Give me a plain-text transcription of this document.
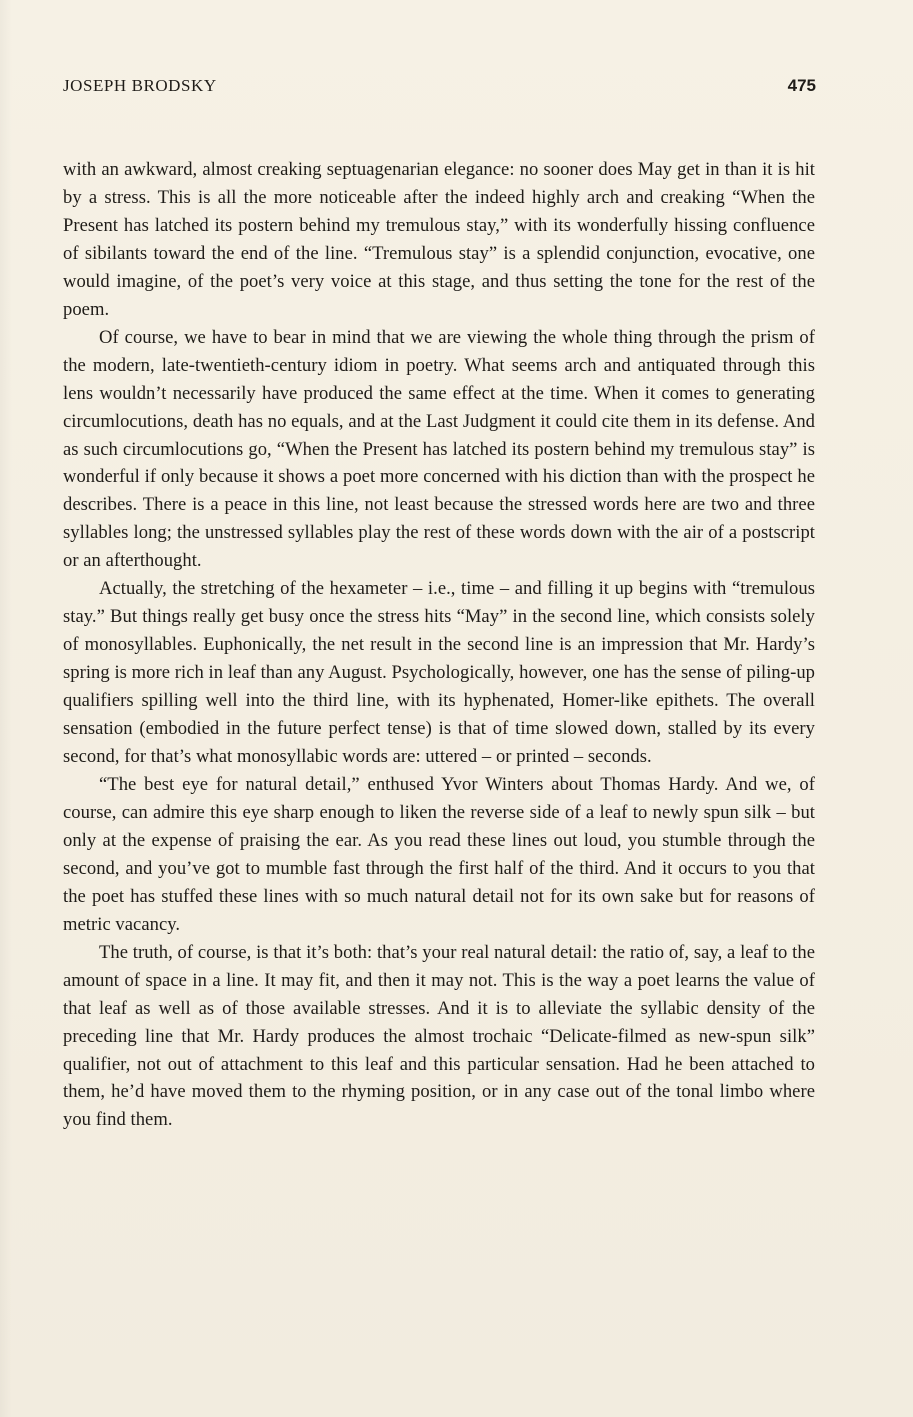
JOSEPH BRODSKY	475

with an awkward, almost creaking septuagenarian elegance: no sooner does May get in than it is hit by a stress. This is all the more noticeable after the indeed highly arch and creaking “When the Present has latched its postern behind my tremulous stay,” with its wonderfully hissing confluence of sibilants toward the end of the line. “Tremulous stay” is a splendid conjunction, evocative, one would imagine, of the poet’s very voice at this stage, and thus setting the tone for the rest of the poem.

Of course, we have to bear in mind that we are viewing the whole thing through the prism of the modern, late-twentieth-century idiom in poetry. What seems arch and antiquated through this lens wouldn’t necessarily have produced the same effect at the time. When it comes to generating circumlocutions, death has no equals, and at the Last Judgment it could cite them in its defense. And as such circumlocutions go, “When the Present has latched its postern behind my tremulous stay” is wonderful if only because it shows a poet more concerned with his diction than with the prospect he describes. There is a peace in this line, not least because the stressed words here are two and three syllables long; the unstressed syllables play the rest of these words down with the air of a postscript or an afterthought.

Actually, the stretching of the hexameter – i.e., time – and filling it up begins with “tremulous stay.” But things really get busy once the stress hits “May” in the second line, which consists solely of monosyllables. Euphonically, the net result in the second line is an impression that Mr. Hardy’s spring is more rich in leaf than any August. Psychologically, however, one has the sense of piling-up qualifiers spilling well into the third line, with its hyphenated, Homer-like epithets. The overall sensation (embodied in the future perfect tense) is that of time slowed down, stalled by its every second, for that’s what monosyllabic words are: uttered – or printed – seconds.

“The best eye for natural detail,” enthused Yvor Winters about Thomas Hardy. And we, of course, can admire this eye sharp enough to liken the reverse side of a leaf to newly spun silk – but only at the expense of praising the ear. As you read these lines out loud, you stumble through the second, and you’ve got to mumble fast through the first half of the third. And it occurs to you that the poet has stuffed these lines with so much natural detail not for its own sake but for reasons of metric vacancy.

The truth, of course, is that it’s both: that’s your real natural detail: the ratio of, say, a leaf to the amount of space in a line. It may fit, and then it may not. This is the way a poet learns the value of that leaf as well as of those available stresses. And it is to alleviate the syllabic density of the preceding line that Mr. Hardy produces the almost trochaic “Delicate-filmed as new-spun silk” qualifier, not out of attachment to this leaf and this particular sensation. Had he been attached to them, he’d have moved them to the rhyming position, or in any case out of the tonal limbo where you find them.
